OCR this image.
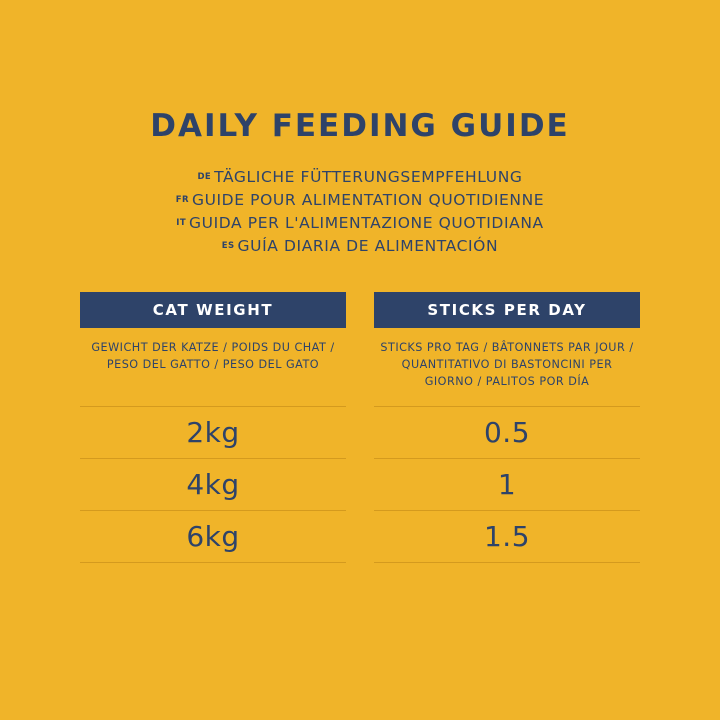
DAILY FEEDING GUIDE
DE TÄGLICHE FÜTTERUNGSEMPFEHLUNG
FR GUIDE POUR ALIMENTATION QUOTIDIENNE
IT GUIDA PER L'ALIMENTAZIONE QUOTIDIANA
ES GUÍA DIARIA DE ALIMENTACIÓN
CAT WEIGHT
GEWICHT DER KATZE / POIDS DU CHAT / PESO DEL GATTO / PESO DEL GATO
2kg
4kg
6kg
STICKS PER DAY
STICKS PRO TAG / BÂTONNETS PAR JOUR / QUANTITATIVO DI BASTONCINI PER GIORNO / PALITOS POR DÍA
0.5
1
1.5
